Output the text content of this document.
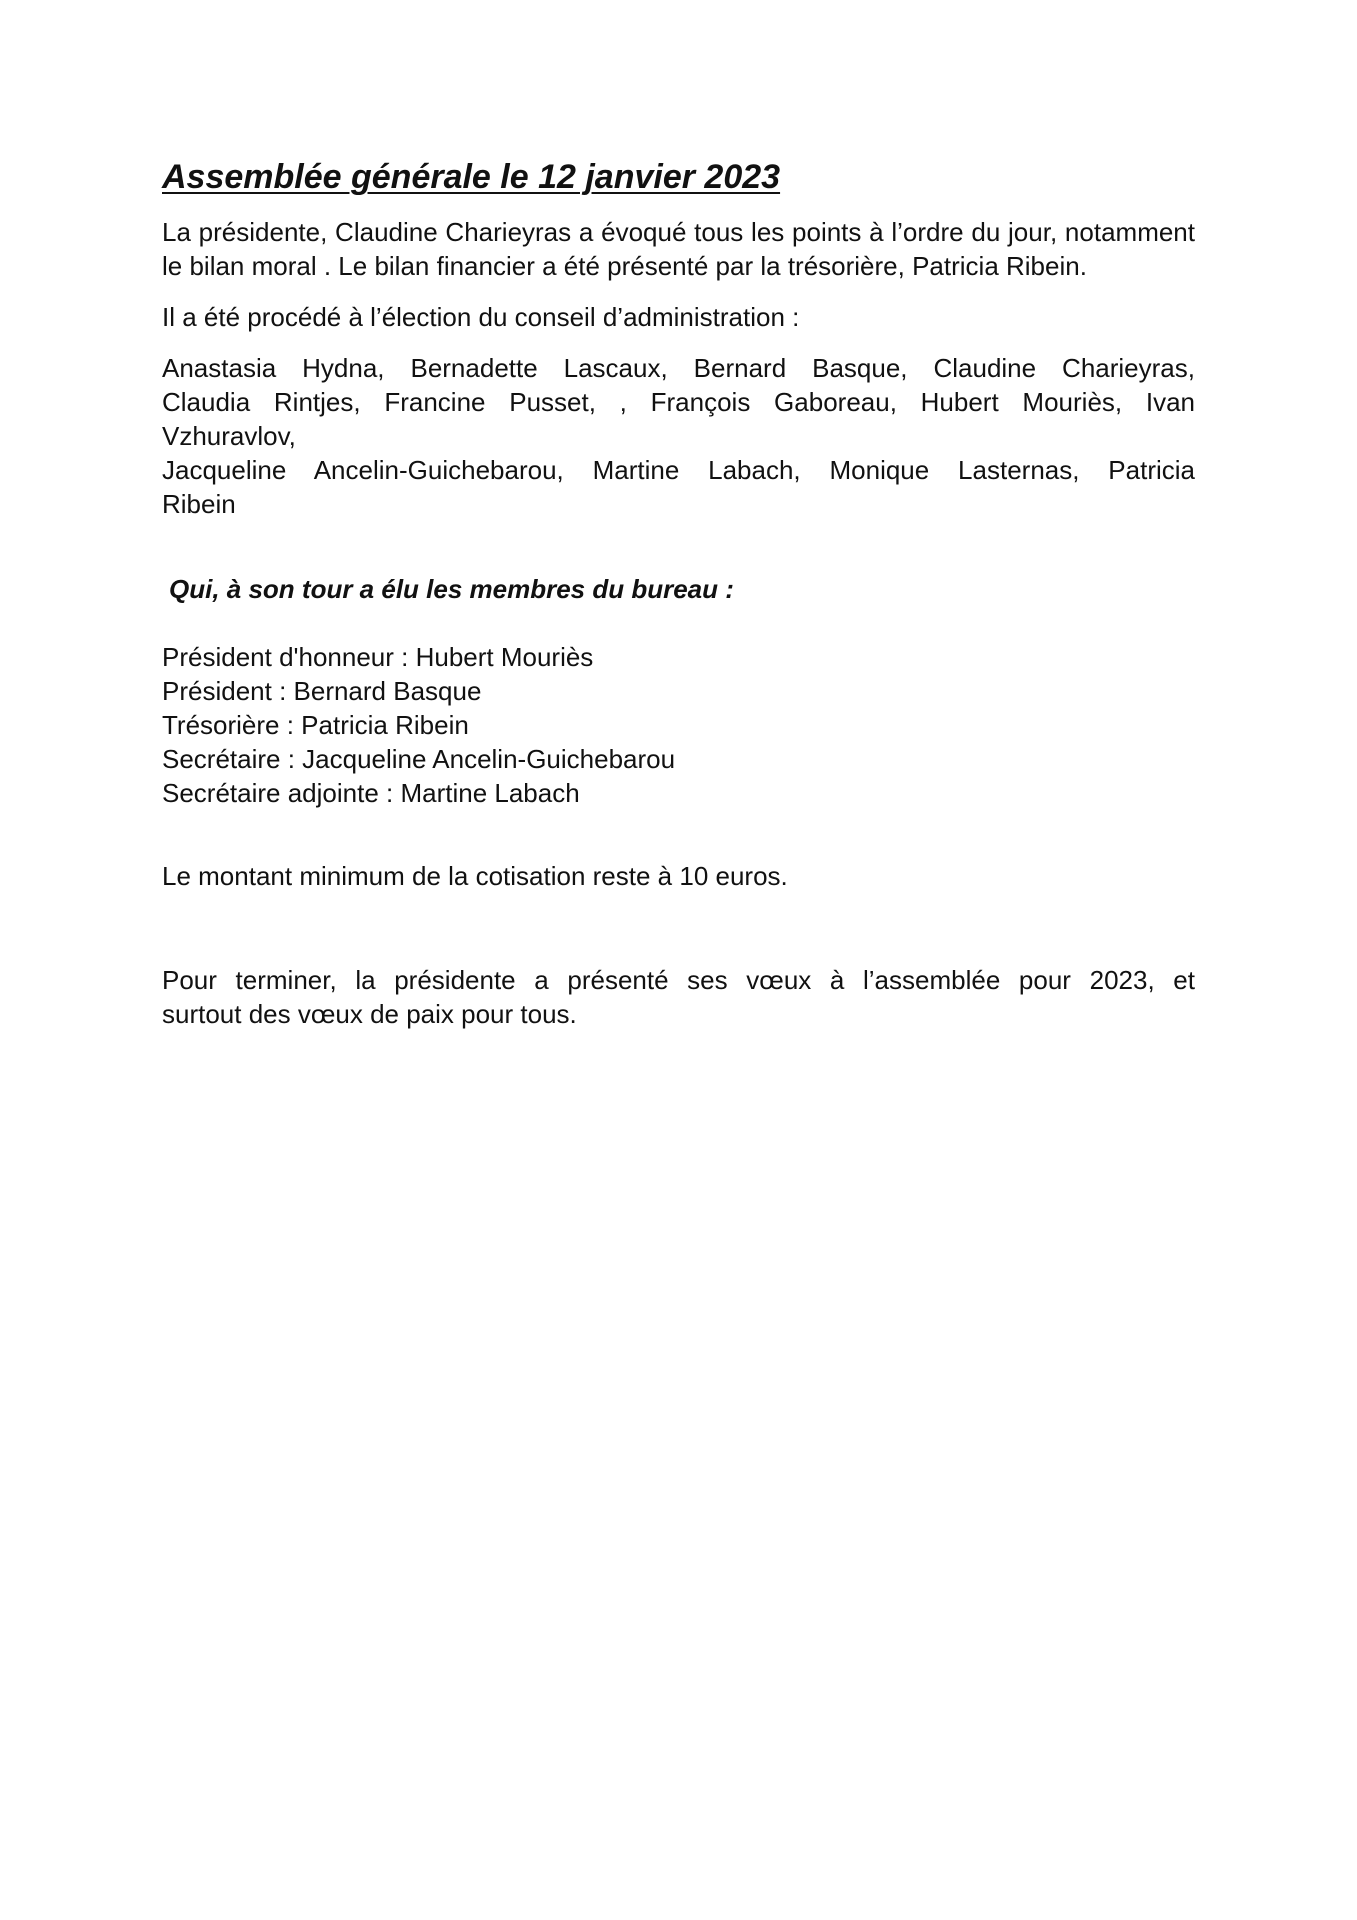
Assemblée générale le 12 janvier 2023

La présidente, Claudine Charieyras a évoqué tous les points à l’ordre du jour, notamment le bilan moral . Le bilan financier a été présenté par la trésorière, Patricia Ribein.

Il a été procédé à l’élection du conseil d’administration :

Anastasia Hydna, Bernadette Lascaux, Bernard Basque, Claudine Charieyras,

Claudia Rintjes, Francine Pusset, , François Gaboreau, Hubert Mouriès, Ivan

Vzhuravlov,

Jacqueline Ancelin-Guichebarou, Martine Labach, Monique Lasternas, Patricia

Ribein

Qui, à son tour a élu les membres du bureau :

Président d'honneur : Hubert Mouriès

Président : Bernard Basque

Trésorière : Patricia Ribein

Secrétaire : Jacqueline Ancelin-Guichebarou

Secrétaire adjointe : Martine Labach

Le montant minimum de la cotisation reste à 10 euros.

Pour terminer, la présidente a présenté ses vœux à l’assemblée pour 2023, et
surtout des vœux de paix pour tous.
